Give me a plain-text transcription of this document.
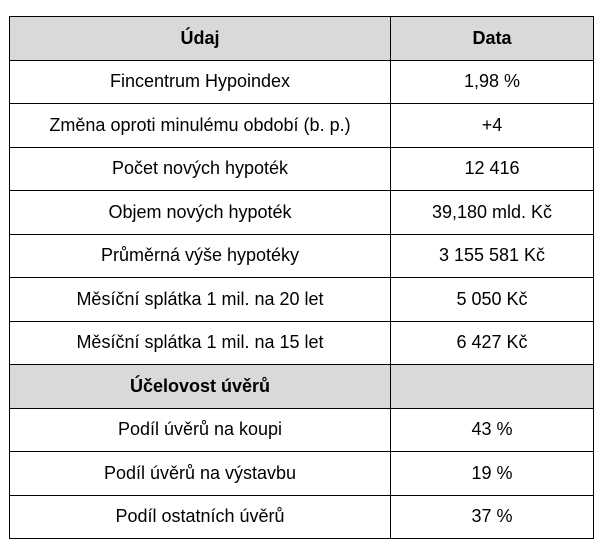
Údaj	Data
Fincentrum Hypoindex	1,98 %
Změna oproti minulému období (b. p.)	+4
Počet nových hypoték	12 416
Objem nových hypoték	39,180 mld. Kč
Průměrná výše hypotéky	3 155 581 Kč
Měsíční splátka 1 mil. na 20 let	5 050 Kč
Měsíční splátka 1 mil. na 15 let	6 427 Kč
Účelovost úvěrů	
Podíl úvěrů na koupi	43 %
Podíl úvěrů na výstavbu	19 %
Podíl ostatních úvěrů	37 %
